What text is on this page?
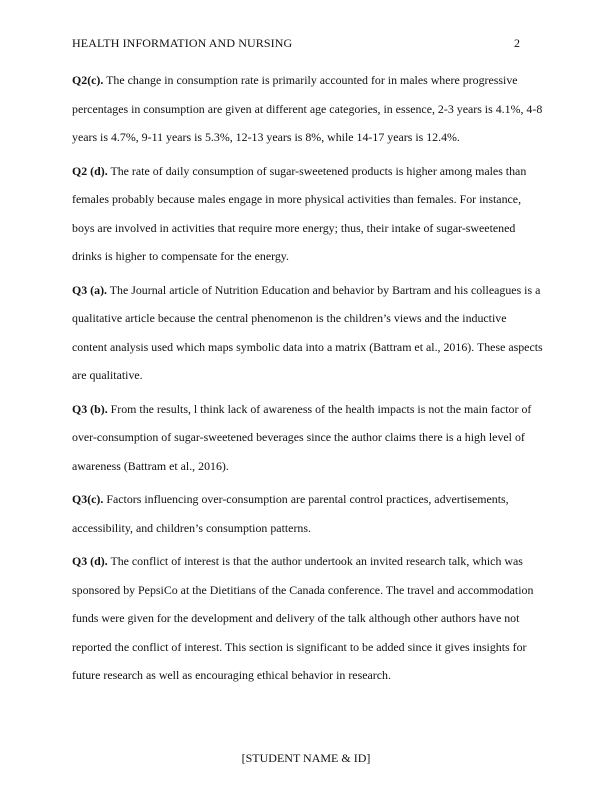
HEALTH INFORMATION AND NURSING	2

Q2(c). The change in consumption rate is primarily accounted for in males where progressive percentages in consumption are given at different age categories, in essence, 2-3 years is 4.1%, 4-8 years is 4.7%, 9-11 years is 5.3%, 12-13 years is 8%, while 14-17 years is 12.4%.

Q2 (d). The rate of daily consumption of sugar-sweetened products is higher among males than females probably because males engage in more physical activities than females. For instance, boys are involved in activities that require more energy; thus, their intake of sugar-sweetened drinks is higher to compensate for the energy.

Q3 (a). The Journal article of Nutrition Education and behavior by Bartram and his colleagues is a qualitative article because the central phenomenon is the children’s views and the inductive content analysis used which maps symbolic data into a matrix (Battram et al., 2016). These aspects are qualitative.

Q3 (b). From the results, l think lack of awareness of the health impacts is not the main factor of over-consumption of sugar-sweetened beverages since the author claims there is a high level of awareness (Battram et al., 2016).

Q3(c). Factors influencing over-consumption are parental control practices, advertisements, accessibility, and children’s consumption patterns.

Q3 (d). The conflict of interest is that the author undertook an invited research talk, which was sponsored by PepsiCo at the Dietitians of the Canada conference. The travel and accommodation funds were given for the development and delivery of the talk although other authors have not reported the conflict of interest. This section is significant to be added since it gives insights for future research as well as encouraging ethical behavior in research.

[STUDENT NAME & ID]
